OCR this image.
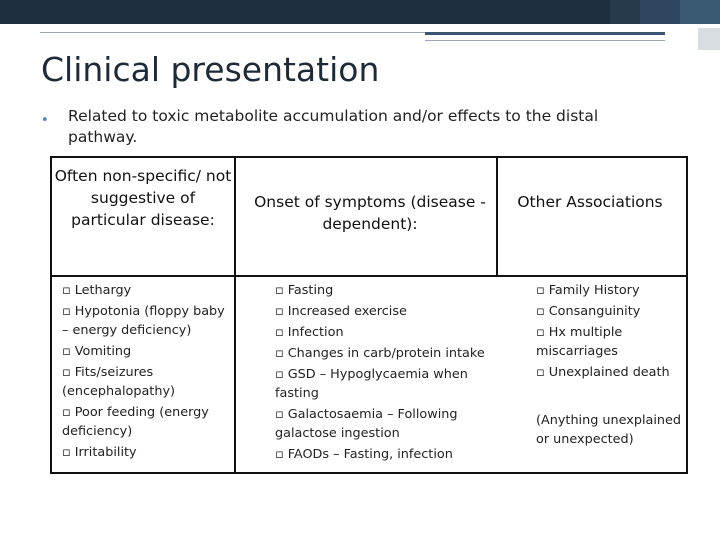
Clinical presentation
• Related to toxic metabolite accumulation and/or effects to the distal pathway.
Often non-specific/ not suggestive of particular disease:
Onset of symptoms (disease -dependent):
Other Associations
▫ Lethargy
▫ Hypotonia (floppy baby – energy deficiency)
▫ Vomiting
▫ Fits/seizures (encephalopathy)
▫ Poor feeding (energy deficiency)
▫ Irritability
▫ Fasting
▫ Increased exercise
▫ Infection
▫ Changes in carb/protein intake
▫ GSD – Hypoglycaemia when fasting
▫ Galactosaemia – Following galactose ingestion
▫ FAODs – Fasting, infection
▫ Family History
▫ Consanguinity
▫ Hx multiple miscarriages
▫ Unexplained death
(Anything unexplained or unexpected)
